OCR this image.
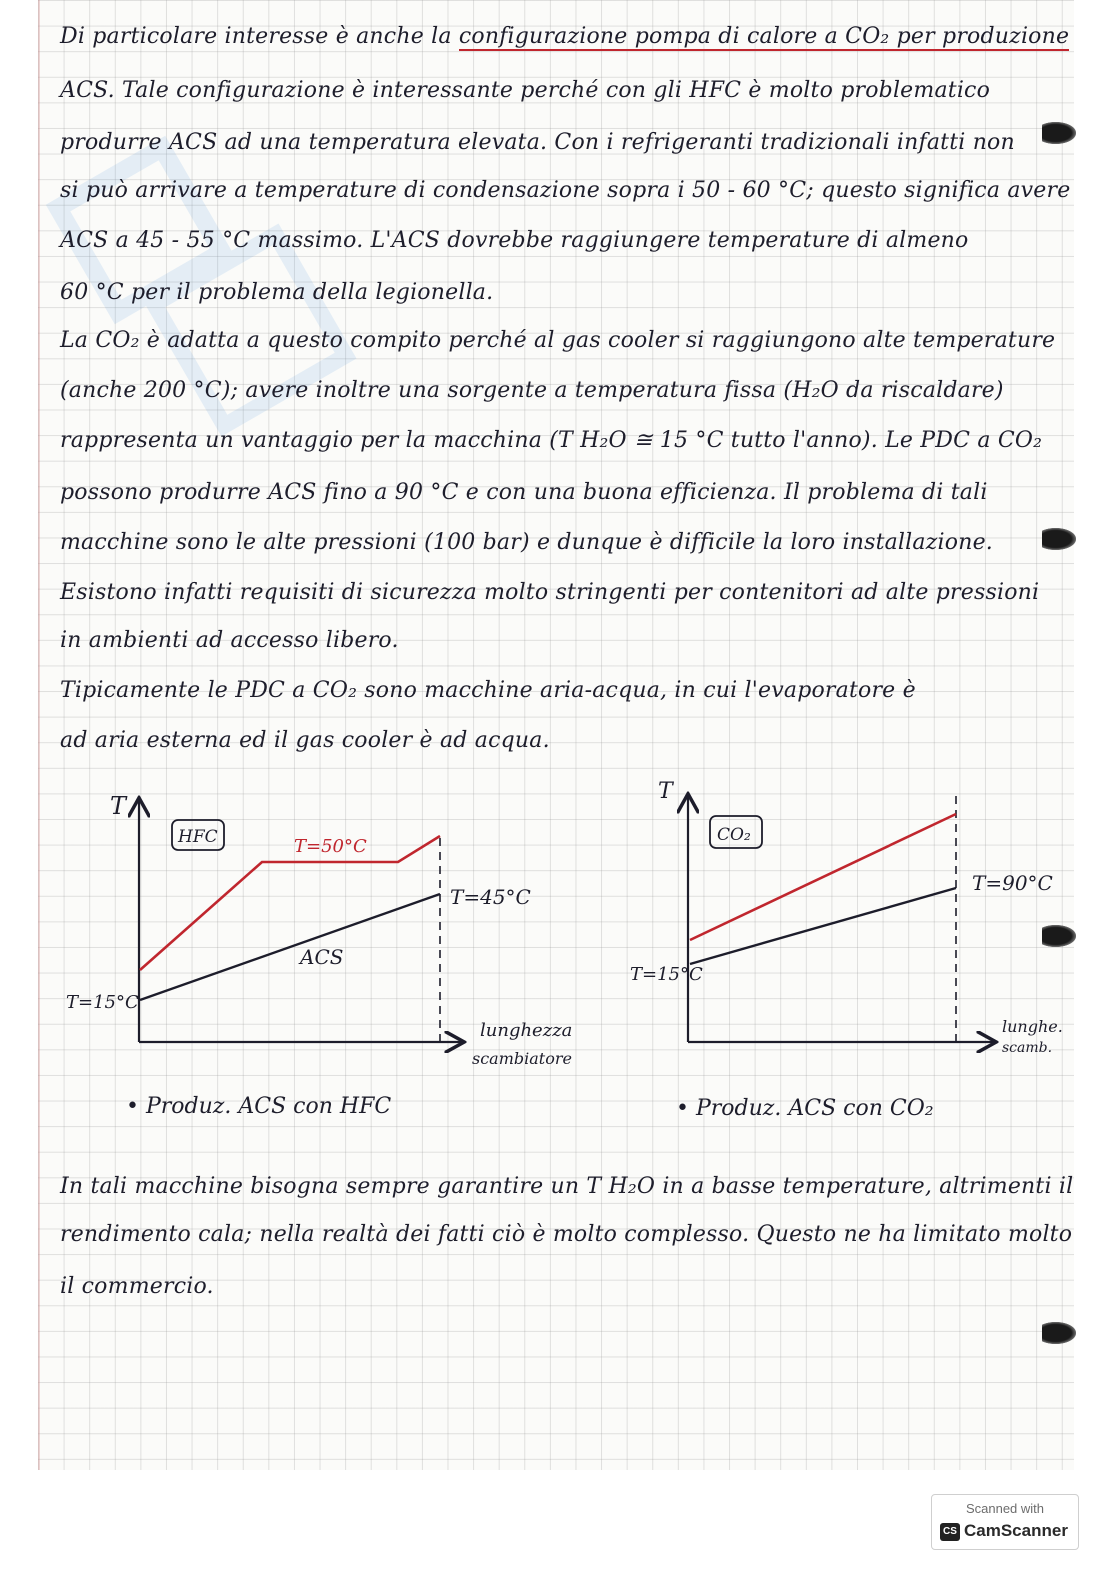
Di particolare interesse è anche la configurazione pompa di calore a CO₂ per produzione
ACS. Tale configurazione è interessante perché con gli HFC è molto problematico
produrre ACS ad una temperatura elevata. Con i refrigeranti tradizionali infatti non
si può arrivare a temperature di condensazione sopra i 50 - 60 °C; questo significa avere
ACS a 45 - 55 °C massimo. L'ACS dovrebbe raggiungere temperature di almeno
60 °C per il problema della legionella.
La CO₂ è adatta a questo compito perché al gas cooler si raggiungono alte temperature
(anche 200 °C); avere inoltre una sorgente a temperatura fissa (H₂O da riscaldare)
rappresenta un vantaggio per la macchina (T H₂O ≅ 15 °C tutto l'anno). Le PDC a CO₂
possono produrre ACS fino a 90 °C e con una buona efficienza. Il problema di tali
macchine sono le alte pressioni (100 bar) e dunque è difficile la loro installazione.
Esistono infatti requisiti di sicurezza molto stringenti per contenitori ad alte pressioni
in ambienti ad accesso libero.
Tipicamente le PDC a CO₂ sono macchine aria-acqua, in cui l'evaporatore è
ad aria esterna ed il gas cooler è ad acqua.
T
HFC	T=50°C
T=45°C
ACS
T=15°C
lunghezza
scambiatore
T
CO₂
T=90°C
T=15°C
lunghe.
scamb.
• Produz. ACS con HFC	• Produz. ACS con CO₂
In tali macchine bisogna sempre garantire un T H₂O in a basse temperature, altrimenti il
rendimento cala; nella realtà dei fatti ciò è molto complesso. Questo ne ha limitato molto
il commercio.
Scanned with
CS CamScanner
